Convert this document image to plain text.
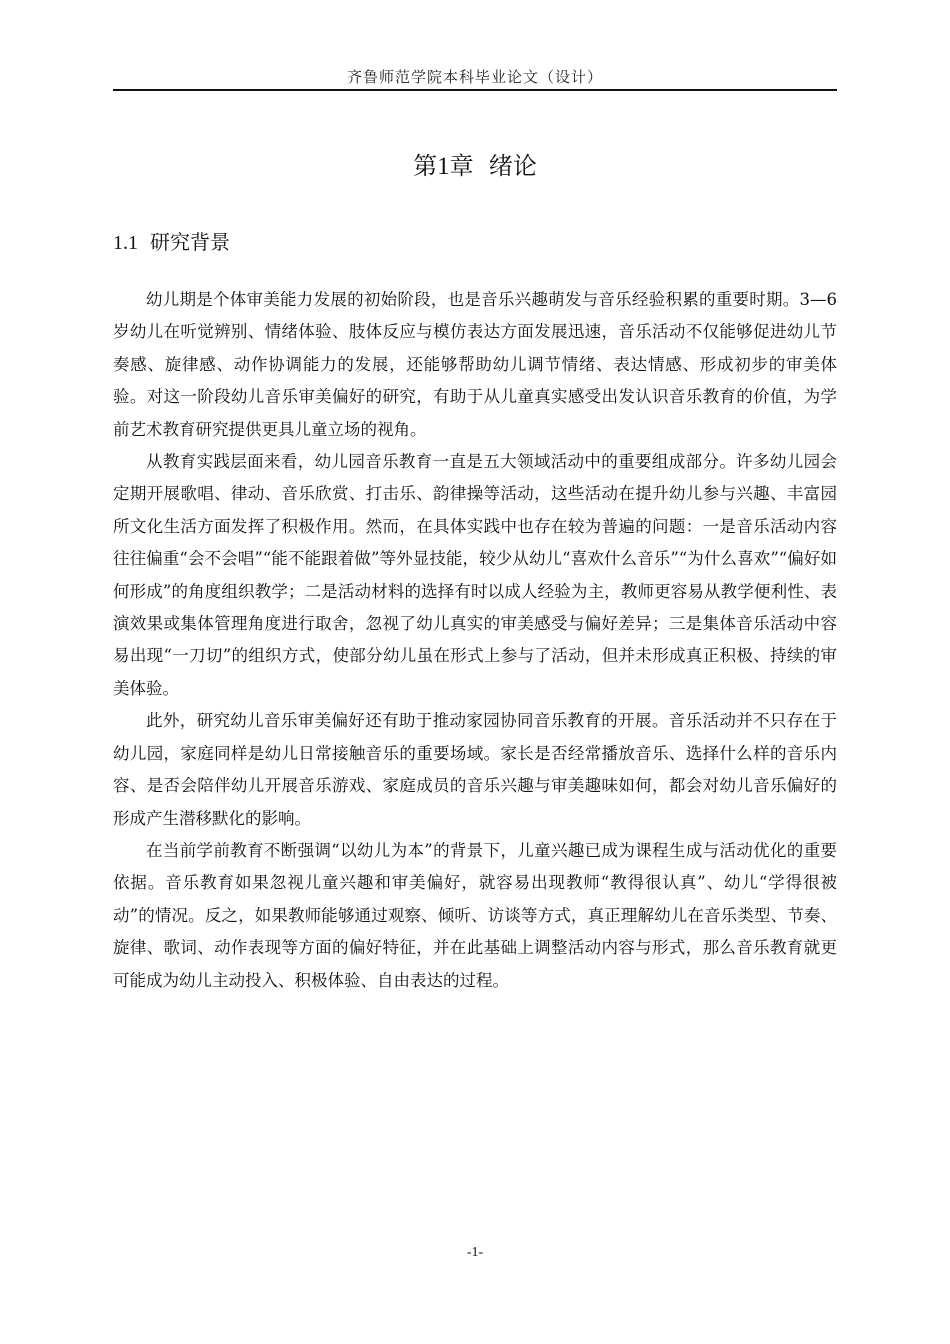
齐鲁师范学院本科毕业论文（设计）
第1章  绪论
1.1 研究背景

幼儿期是个体审美能力发展的初始阶段，也是音乐兴趣萌发与音乐经验积累的重要时期。3—6岁幼儿在听觉辨别、情绪体验、肢体反应与模仿表达方面发展迅速，音乐活动不仅能够促进幼儿节奏感、旋律感、动作协调能力的发展，还能够帮助幼儿调节情绪、表达情感、形成初步的审美体验。对这一阶段幼儿音乐审美偏好的研究，有助于从儿童真实感受出发认识音乐教育的价值，为学前艺术教育研究提供更具儿童立场的视角。

从教育实践层面来看，幼儿园音乐教育一直是五大领域活动中的重要组成部分。许多幼儿园会定期开展歌唱、律动、音乐欣赏、打击乐、韵律操等活动，这些活动在提升幼儿参与兴趣、丰富园所文化生活方面发挥了积极作用。然而，在具体实践中也存在较为普遍的问题：一是音乐活动内容往往偏重“会不会唱”“能不能跟着做”等外显技能，较少从幼儿“喜欢什么音乐”“为什么喜欢”“偏好如何形成”的角度组织教学；二是活动材料的选择有时以成人经验为主，教师更容易从教学便利性、表演效果或集体管理角度进行取舍，忽视了幼儿真实的审美感受与偏好差异；三是集体音乐活动中容易出现“一刀切”的组织方式，使部分幼儿虽在形式上参与了活动，但并未形成真正积极、持续的审美体验。

此外，研究幼儿音乐审美偏好还有助于推动家园协同音乐教育的开展。音乐活动并不只存在于幼儿园，家庭同样是幼儿日常接触音乐的重要场域。家长是否经常播放音乐、选择什么样的音乐内容、是否会陪伴幼儿开展音乐游戏、家庭成员的音乐兴趣与审美趣味如何，都会对幼儿音乐偏好的形成产生潜移默化的影响。

在当前学前教育不断强调“以幼儿为本”的背景下，儿童兴趣已成为课程生成与活动优化的重要依据。音乐教育如果忽视儿童兴趣和审美偏好，就容易出现教师“教得很认真”、幼儿“学得很被动”的情况。反之，如果教师能够通过观察、倾听、访谈等方式，真正理解幼儿在音乐类型、节奏、旋律、歌词、动作表现等方面的偏好特征，并在此基础上调整活动内容与形式，那么音乐教育就更可能成为幼儿主动投入、积极体验、自由表达的过程。

-1-
